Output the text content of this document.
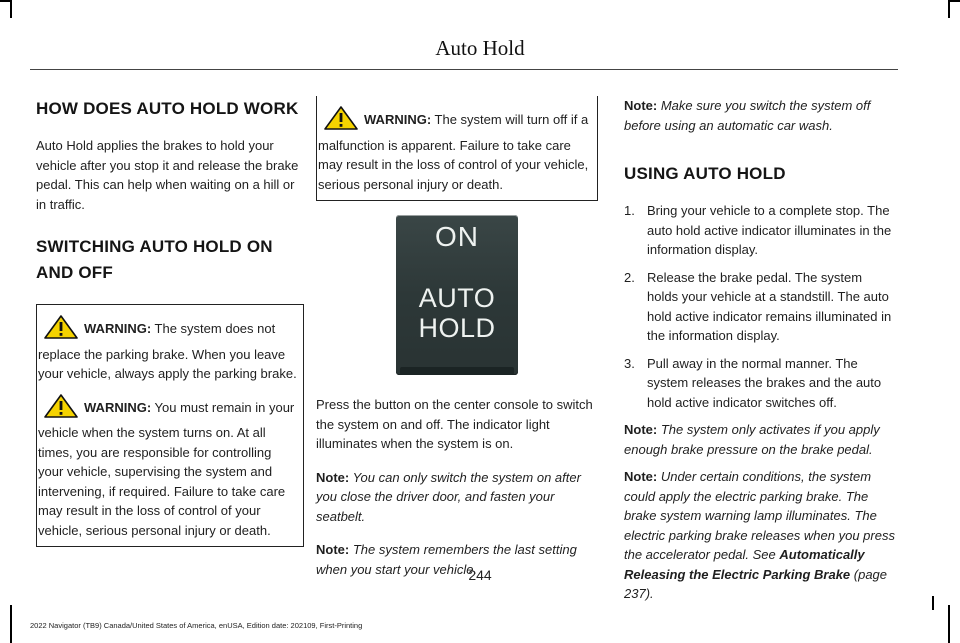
Auto Hold
HOW DOES AUTO HOLD WORK

Auto Hold applies the brakes to hold your vehicle after you stop it and release the brake pedal. This can help when waiting on a hill or in traffic.

SWITCHING AUTO HOLD ON AND OFF

WARNING: The system does not replace the parking brake. When you leave your vehicle, always apply the parking brake.

WARNING: You must remain in your vehicle when the system turns on. At all times, you are responsible for controlling your vehicle, supervising the system and intervening, if required. Failure to take care may result in the loss of control of your vehicle, serious personal injury or death.

WARNING: The system will turn off if a malfunction is apparent. Failure to take care may result in the loss of control of your vehicle, serious personal injury or death.

ON
AUTO
HOLD

Press the button on the center console to switch the system on and off. The indicator light illuminates when the system is on.

Note: You can only switch the system on after you close the driver door, and fasten your seatbelt.

Note: The system remembers the last setting when you start your vehicle.

Note: Make sure you switch the system off before using an automatic car wash.

USING AUTO HOLD
1. Bring your vehicle to a complete stop. The auto hold active indicator illuminates in the information display.
2. Release the brake pedal. The system holds your vehicle at a standstill. The auto hold active indicator remains illuminated in the information display.
3. Pull away in the normal manner. The system releases the brakes and the auto hold active indicator switches off.

Note: The system only activates if you apply enough brake pressure on the brake pedal.

Note: Under certain conditions, the system could apply the electric parking brake. The brake system warning lamp illuminates. The electric parking brake releases when you press the accelerator pedal. See Automatically Releasing the Electric Parking Brake (page 237).

244
2022 Navigator (TB9) Canada/United States of America, enUSA, Edition date: 202109, First-Printing
